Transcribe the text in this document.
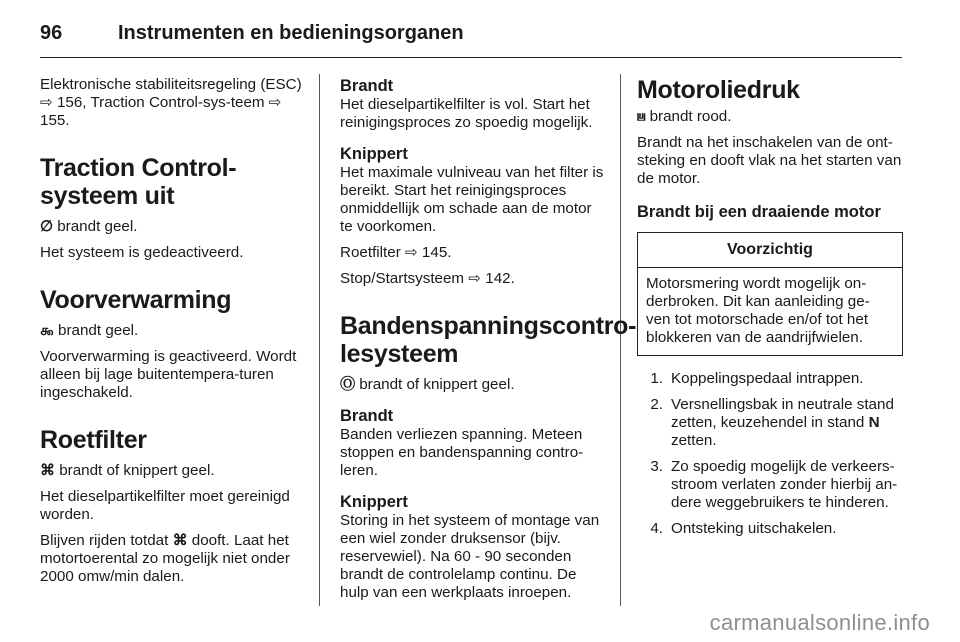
96	Instrumenten en bedieningsorganen

Elektronische stabiliteitsregeling (ESC) ⇨ 156, Traction Control-sys-teem ⇨ 155.

Traction Control-systeem uit

∅ brandt geel.

Het systeem is gedeactiveerd.

Voorverwarming

௯ brandt geel.

Voorverwarming is geactiveerd. Wordt alleen bij lage buitentempera-turen ingeschakeld.

Roetfilter

⌘ brandt of knippert geel.

Het dieselpartikelfilter moet gereinigd worden.

Blijven rijden totdat ⌘ dooft. Laat het motortoerental zo mogelijk niet onder 2000 omw/min dalen.

Brandt

Het dieselpartikelfilter is vol. Start het reinigingsproces zo spoedig mogelijk.

Knippert

Het maximale vulniveau van het filter is bereikt. Start het reinigingsproces onmiddellijk om schade aan de motor te voorkomen.

Roetfilter ⇨ 145.

Stop/Startsysteem ⇨ 142.

Bandenspanningscontro-lesysteem

Ⓞ brandt of knippert geel.

Brandt

Banden verliezen spanning. Meteen stoppen en bandenspanning contro-leren.

Knippert

Storing in het systeem of montage van een wiel zonder druksensor (bijv. reservewiel). Na 60 - 90 seconden brandt de controlelamp continu. De hulp van een werkplaats inroepen.

Motoroliedruk

⩏ brandt rood.

Brandt na het inschakelen van de ont-steking en dooft vlak na het starten van de motor.

Brandt bij een draaiende motor
Voorzichtig
Motorsmering wordt mogelijk on-derbroken. Dit kan aanleiding ge-ven tot motorschade en/of tot het blokkeren van de aandrijfwielen.
1. Koppelingspedaal intrappen.
2. Versnellingsbak in neutrale stand zetten, keuzehendel in stand N zetten.
3. Zo spoedig mogelijk de verkeers-stroom verlaten zonder hierbij an-dere weggebruikers te hinderen.
4. Ontsteking uitschakelen.
carmanualsonline.info
